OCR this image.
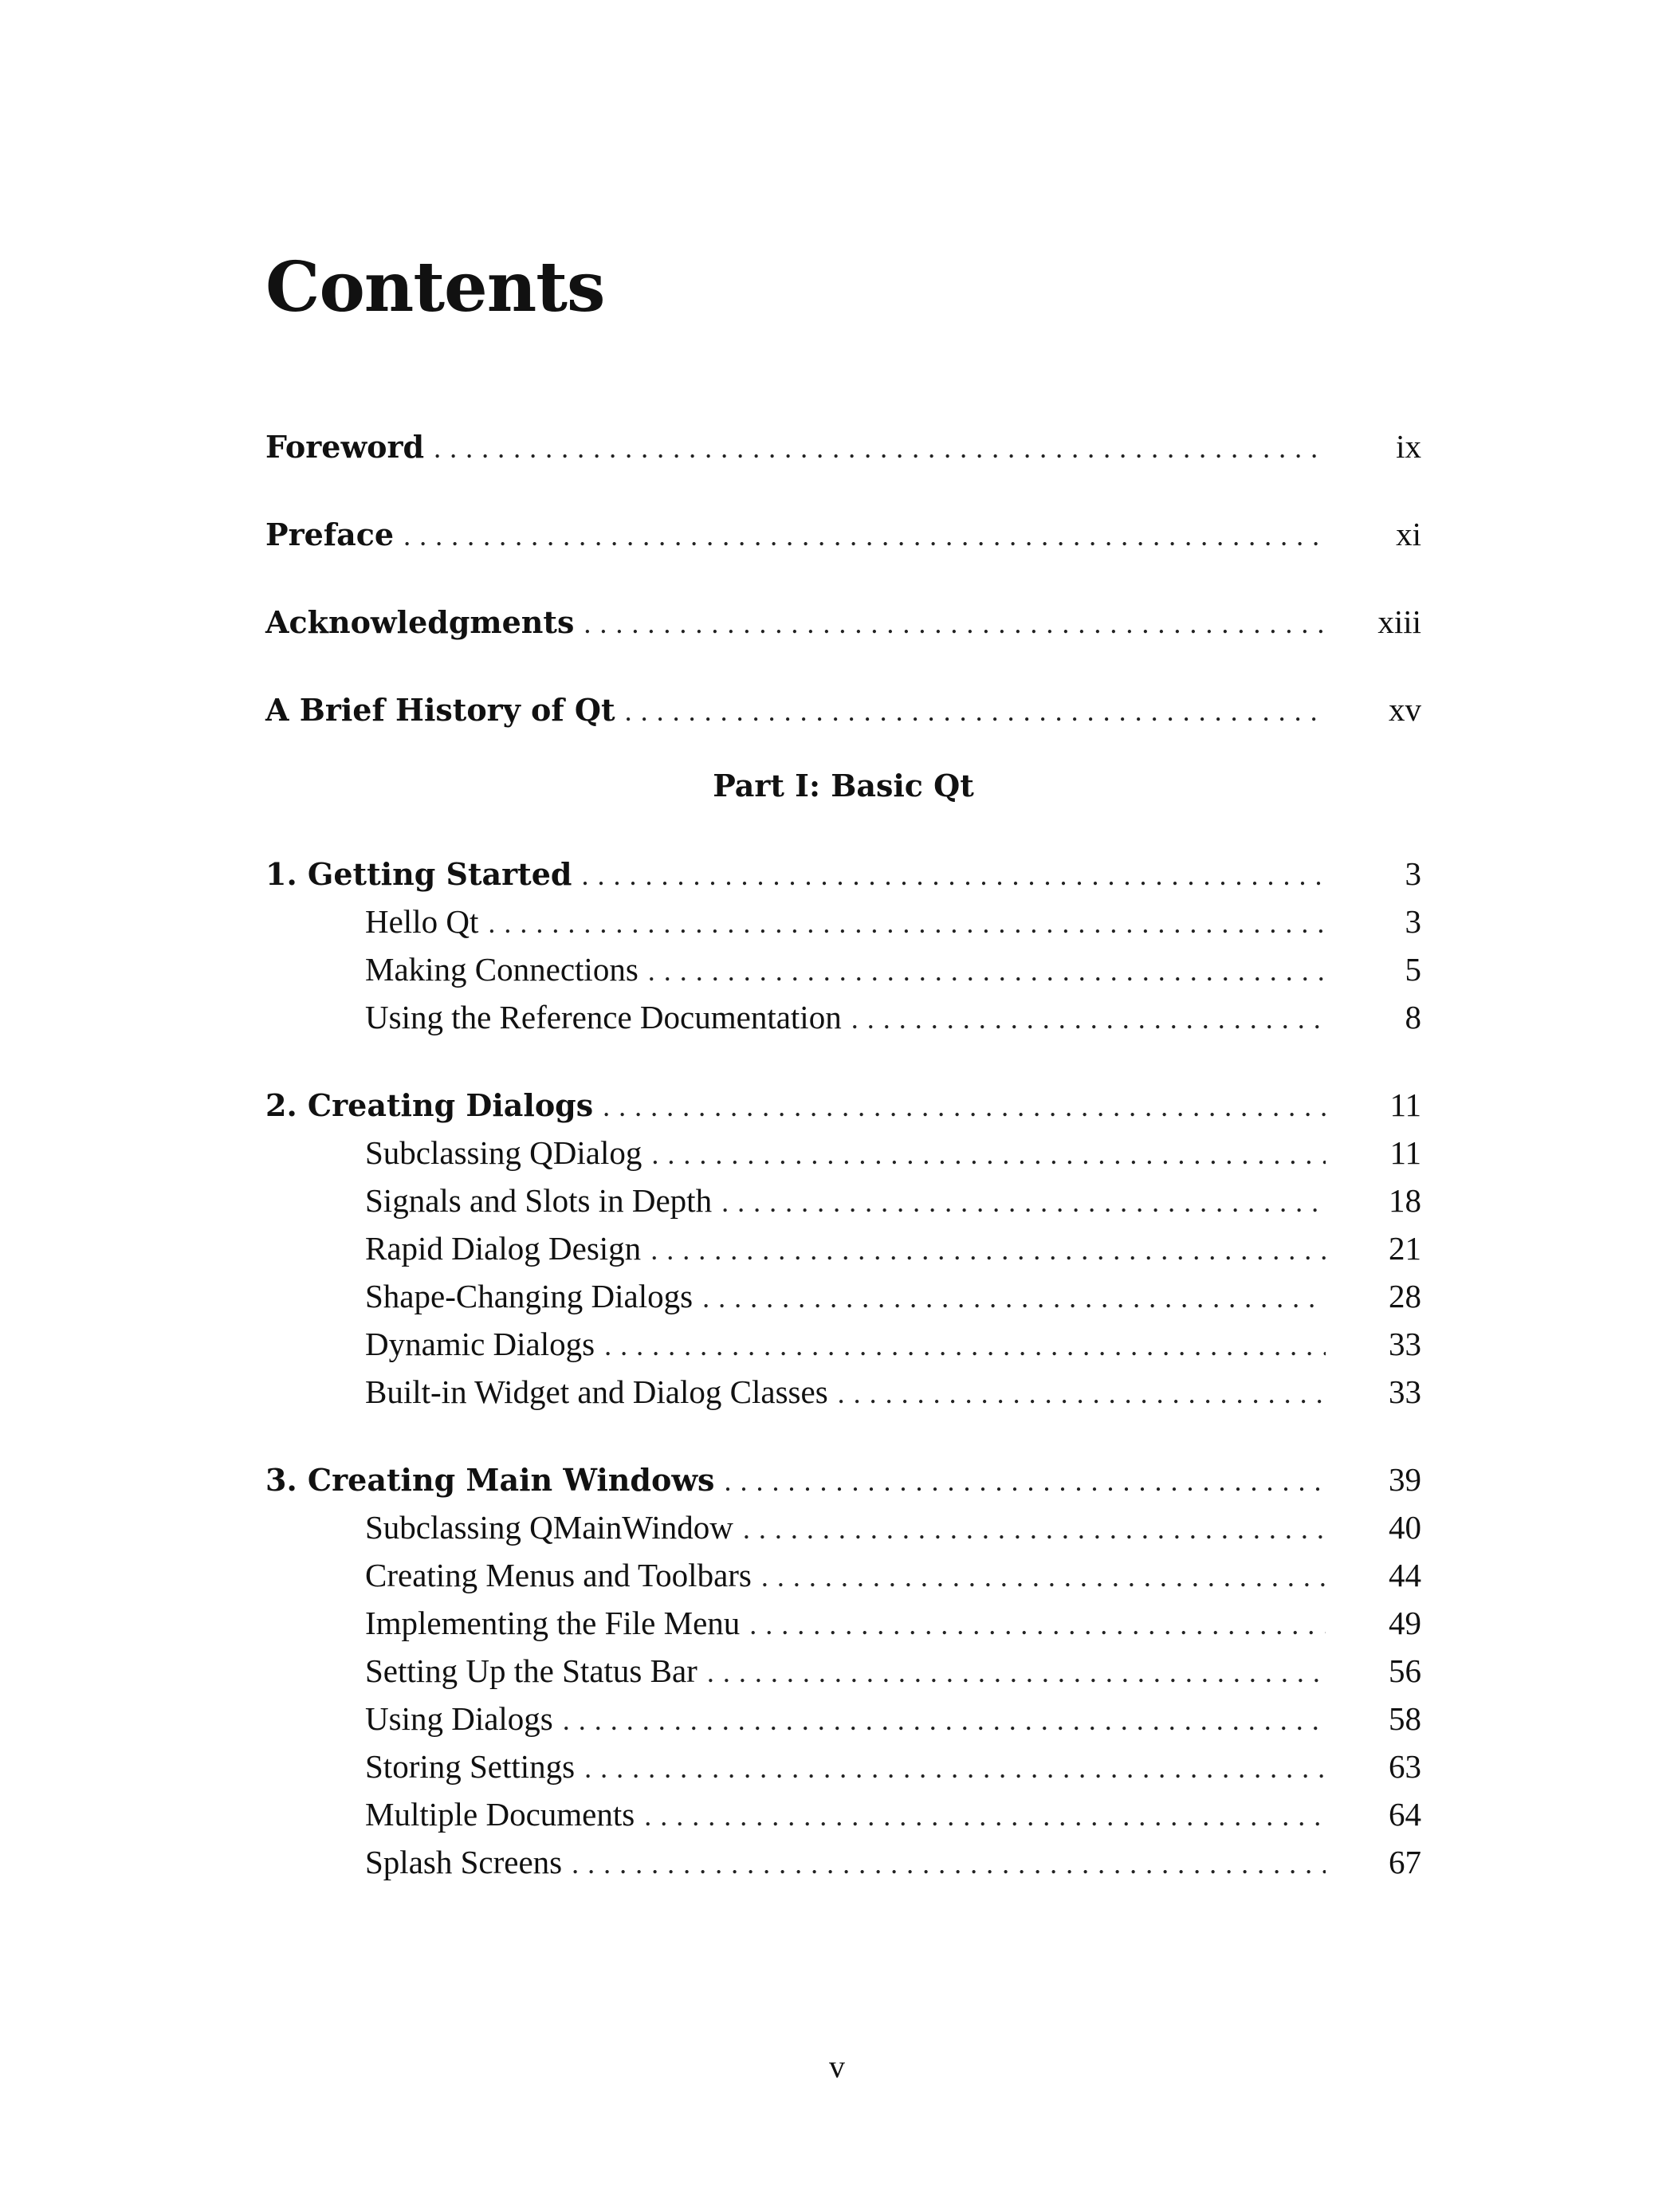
Contents
Foreword . . .	ix
Preface . . .	xi
Acknowledgments . . .	xiii
A Brief History of Qt . . .	xv
Part I: Basic Qt
1. Getting Started . . .	3
Hello Qt . . .	3
Making Connections . . .	5
Using the Reference Documentation . . .	8
2. Creating Dialogs . . .	11
Subclassing QDialog . . .	11
Signals and Slots in Depth . . .	18
Rapid Dialog Design . . .	21
Shape-Changing Dialogs . . .	28
Dynamic Dialogs . . .	33
Built-in Widget and Dialog Classes . . .	33
3. Creating Main Windows . . .	39
Subclassing QMainWindow . . .	40
Creating Menus and Toolbars . . .	44
Implementing the File Menu . . .	49
Setting Up the Status Bar . . .	56
Using Dialogs . . .	58
Storing Settings . . .	63
Multiple Documents . . .	64
Splash Screens . . .	67
v
